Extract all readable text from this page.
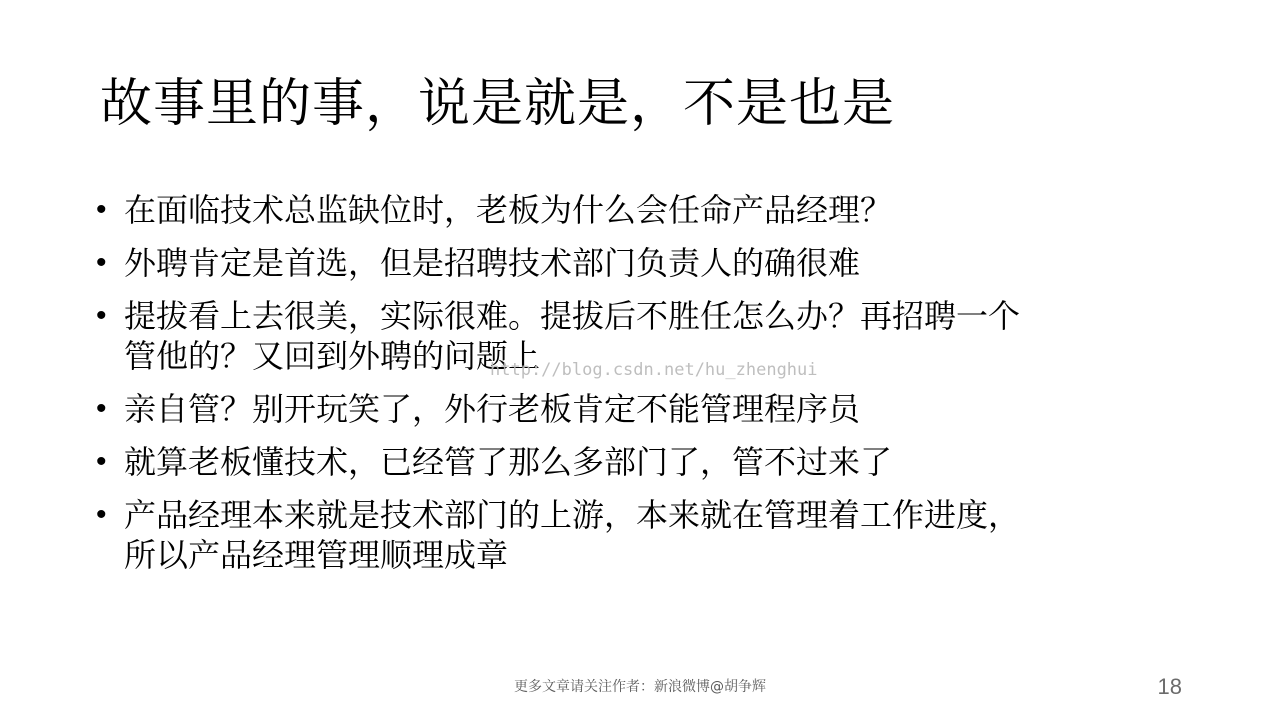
故事里的事，说是就是，不是也是
• 在面临技术总监缺位时，老板为什么会任命产品经理？
• 外聘肯定是首选，但是招聘技术部门负责人的确很难
• 提拔看上去很美，实际很难。提拔后不胜任怎么办？再招聘一个
管他的？又回到外聘的问题上
• 亲自管？别开玩笑了，外行老板肯定不能管理程序员
• 就算老板懂技术，已经管了那么多部门了，管不过来了
• 产品经理本来就是技术部门的上游，本来就在管理着工作进度，
所以产品经理管理顺理成章
http://blog.csdn.net/hu_zhenghui
更多文章请关注作者：新浪微博@胡争辉	18
